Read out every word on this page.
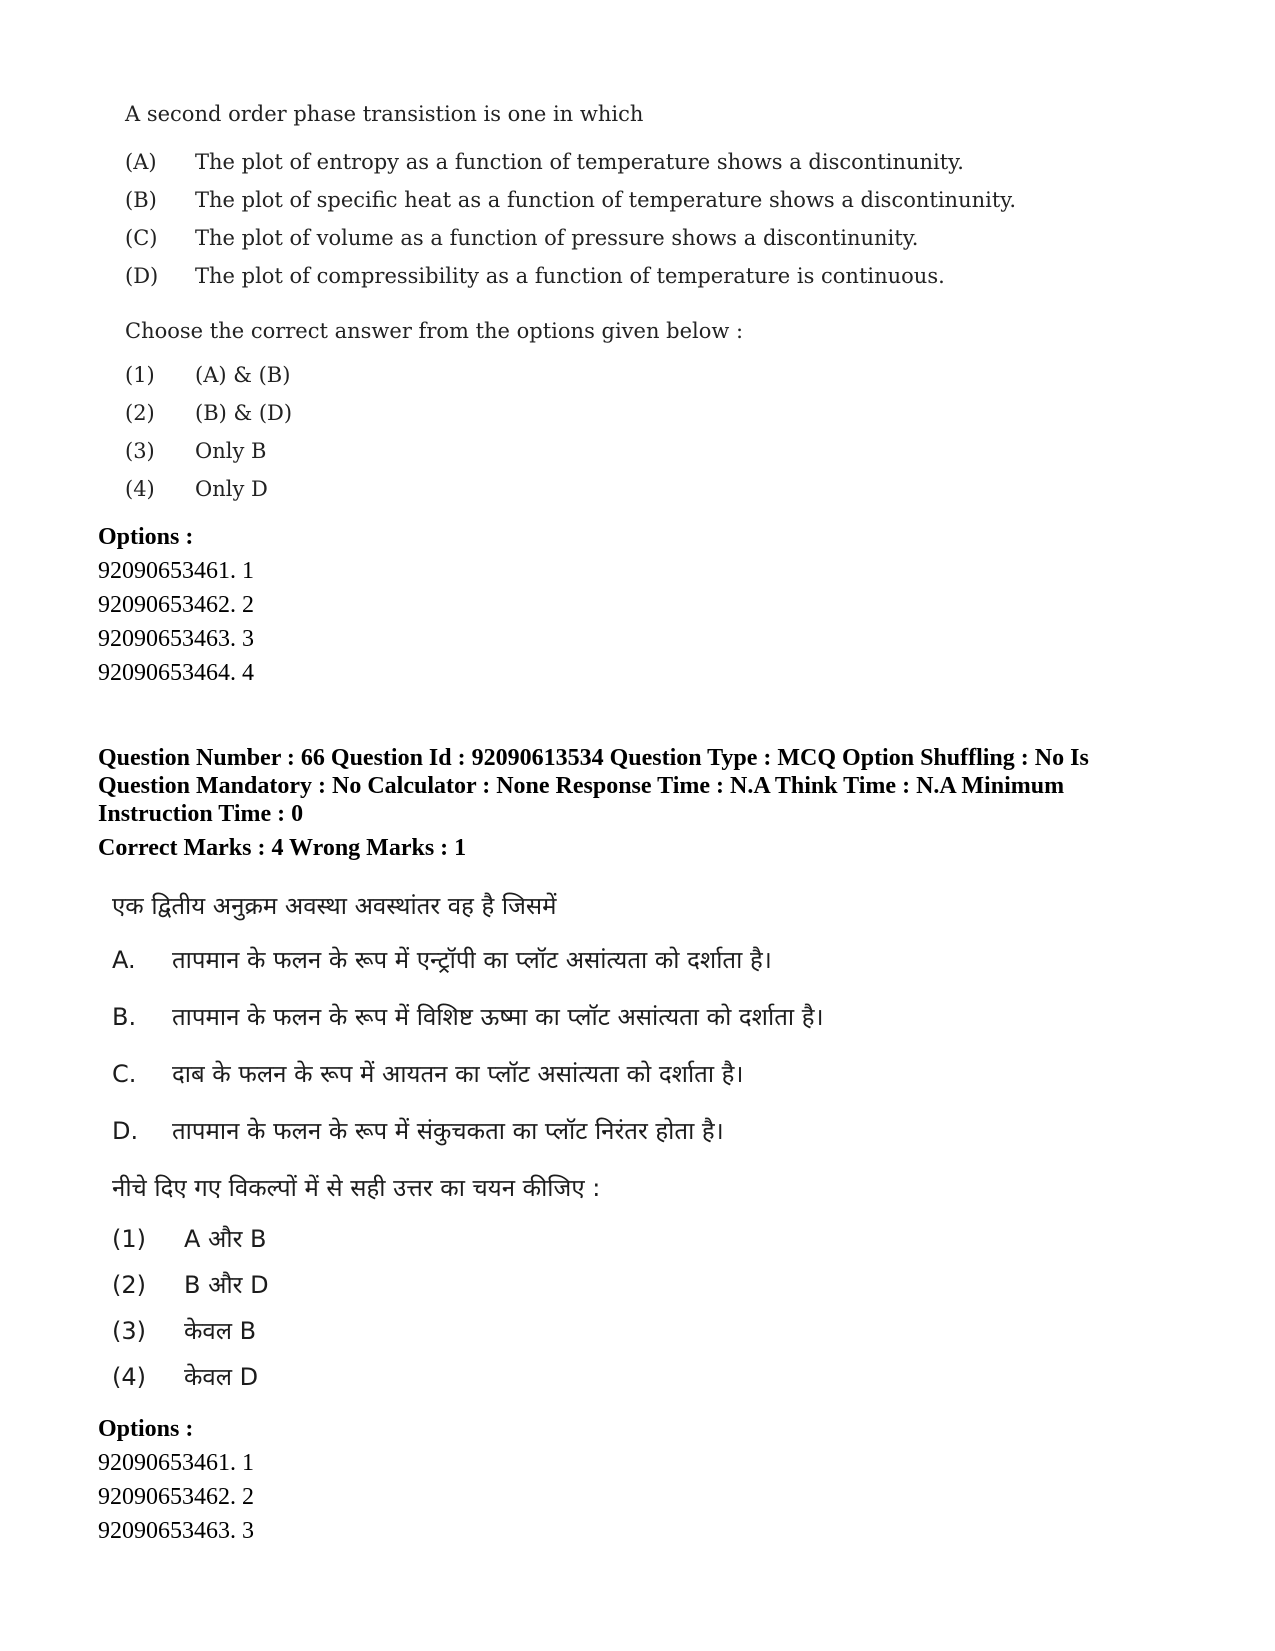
A second order phase transistion is one in which
(A)	The plot of entropy as a function of temperature shows a discontinunity.
(B)	The plot of specific heat as a function of temperature shows a discontinunity.
(C)	The plot of volume as a function of pressure shows a discontinunity.
(D)	The plot of compressibility as a function of temperature is continuous.
Choose the correct answer from the options given below :
(1)	(A) & (B)
(2)	(B) & (D)
(3)	Only B
(4)	Only D
Options :
92090653461. 1
92090653462. 2
92090653463. 3
92090653464. 4
Question Number : 66 Question Id : 92090613534 Question Type : MCQ Option Shuffling : No Is
Question Mandatory : No Calculator : None Response Time : N.A Think Time : N.A Minimum
Instruction Time : 0
Correct Marks : 4 Wrong Marks : 1
एक द्वितीय अनुक्रम अवस्था अवस्थांतर वह है जिसमें
A.	तापमान के फलन के रूप में एन्ट्रॉपी का प्लॉट असांत्यता को दर्शाता है।
B.	तापमान के फलन के रूप में विशिष्ट ऊष्मा का प्लॉट असांत्यता को दर्शाता है।
C.	दाब के फलन के रूप में आयतन का प्लॉट असांत्यता को दर्शाता है।
D.	तापमान के फलन के रूप में संकुचकता का प्लॉट निरंतर होता है।
नीचे दिए गए विकल्पों में से सही उत्तर का चयन कीजिए :
(1)	A और B
(2)	B और D
(3)	केवल B
(4)	केवल D
Options :
92090653461. 1
92090653462. 2
92090653463. 3
